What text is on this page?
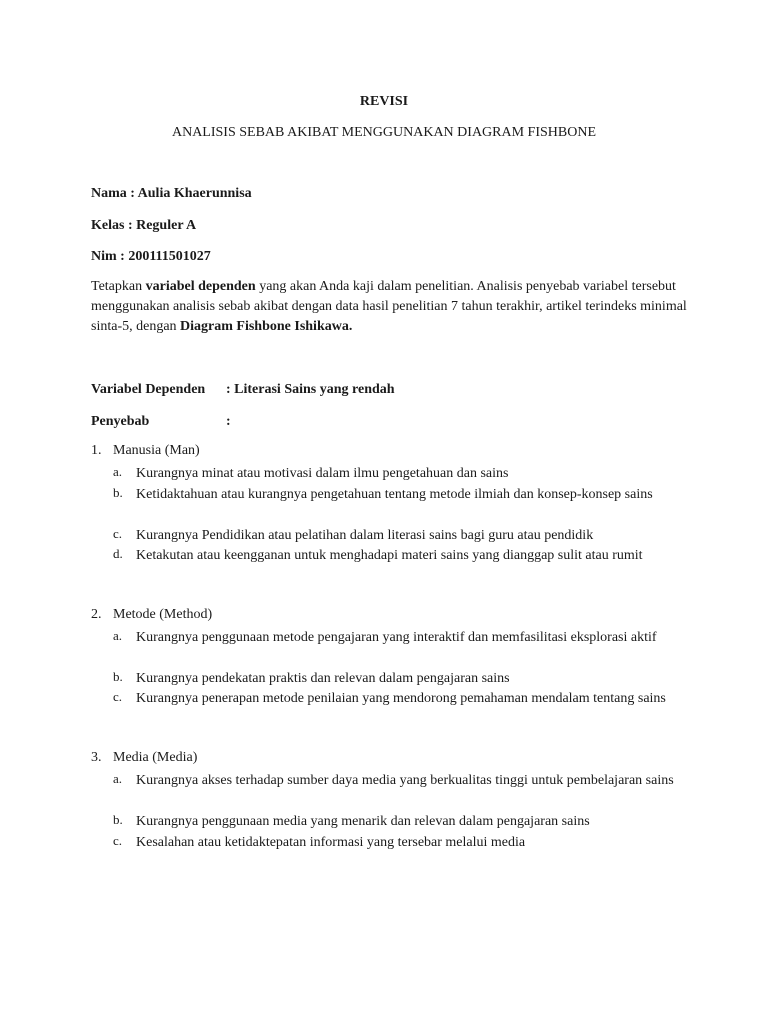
REVISI
ANALISIS SEBAB AKIBAT MENGGUNAKAN DIAGRAM FISHBONE
Nama : Aulia Khaerunnisa
Kelas : Reguler A
Nim : 200111501027
Tetapkan variabel dependen yang akan Anda kaji dalam penelitian. Analisis penyebab variabel tersebut menggunakan analisis sebab akibat dengan data hasil penelitian 7 tahun terakhir, artikel terindeks minimal sinta-5, dengan Diagram Fishbone Ishikawa.
Variabel Dependen : Literasi Sains yang rendah
Penyebab	:
1. Manusia (Man)
a. Kurangnya minat atau motivasi dalam ilmu pengetahuan dan sains
b. Ketidaktahuan atau kurangnya pengetahuan tentang metode ilmiah dan konsep-konsep sains
c. Kurangnya Pendidikan atau pelatihan dalam literasi sains bagi guru atau pendidik
d. Ketakutan atau keengganan untuk menghadapi materi sains yang dianggap sulit atau rumit
2. Metode (Method)
a. Kurangnya penggunaan metode pengajaran yang interaktif dan memfasilitasi eksplorasi aktif
b. Kurangnya pendekatan praktis dan relevan dalam pengajaran sains
c. Kurangnya penerapan metode penilaian yang mendorong pemahaman mendalam tentang sains
3. Media (Media)
a. Kurangnya akses terhadap sumber daya media yang berkualitas tinggi untuk pembelajaran sains
b. Kurangnya penggunaan media yang menarik dan relevan dalam pengajaran sains
c. Kesalahan atau ketidaktepatan informasi yang tersebar melalui media
